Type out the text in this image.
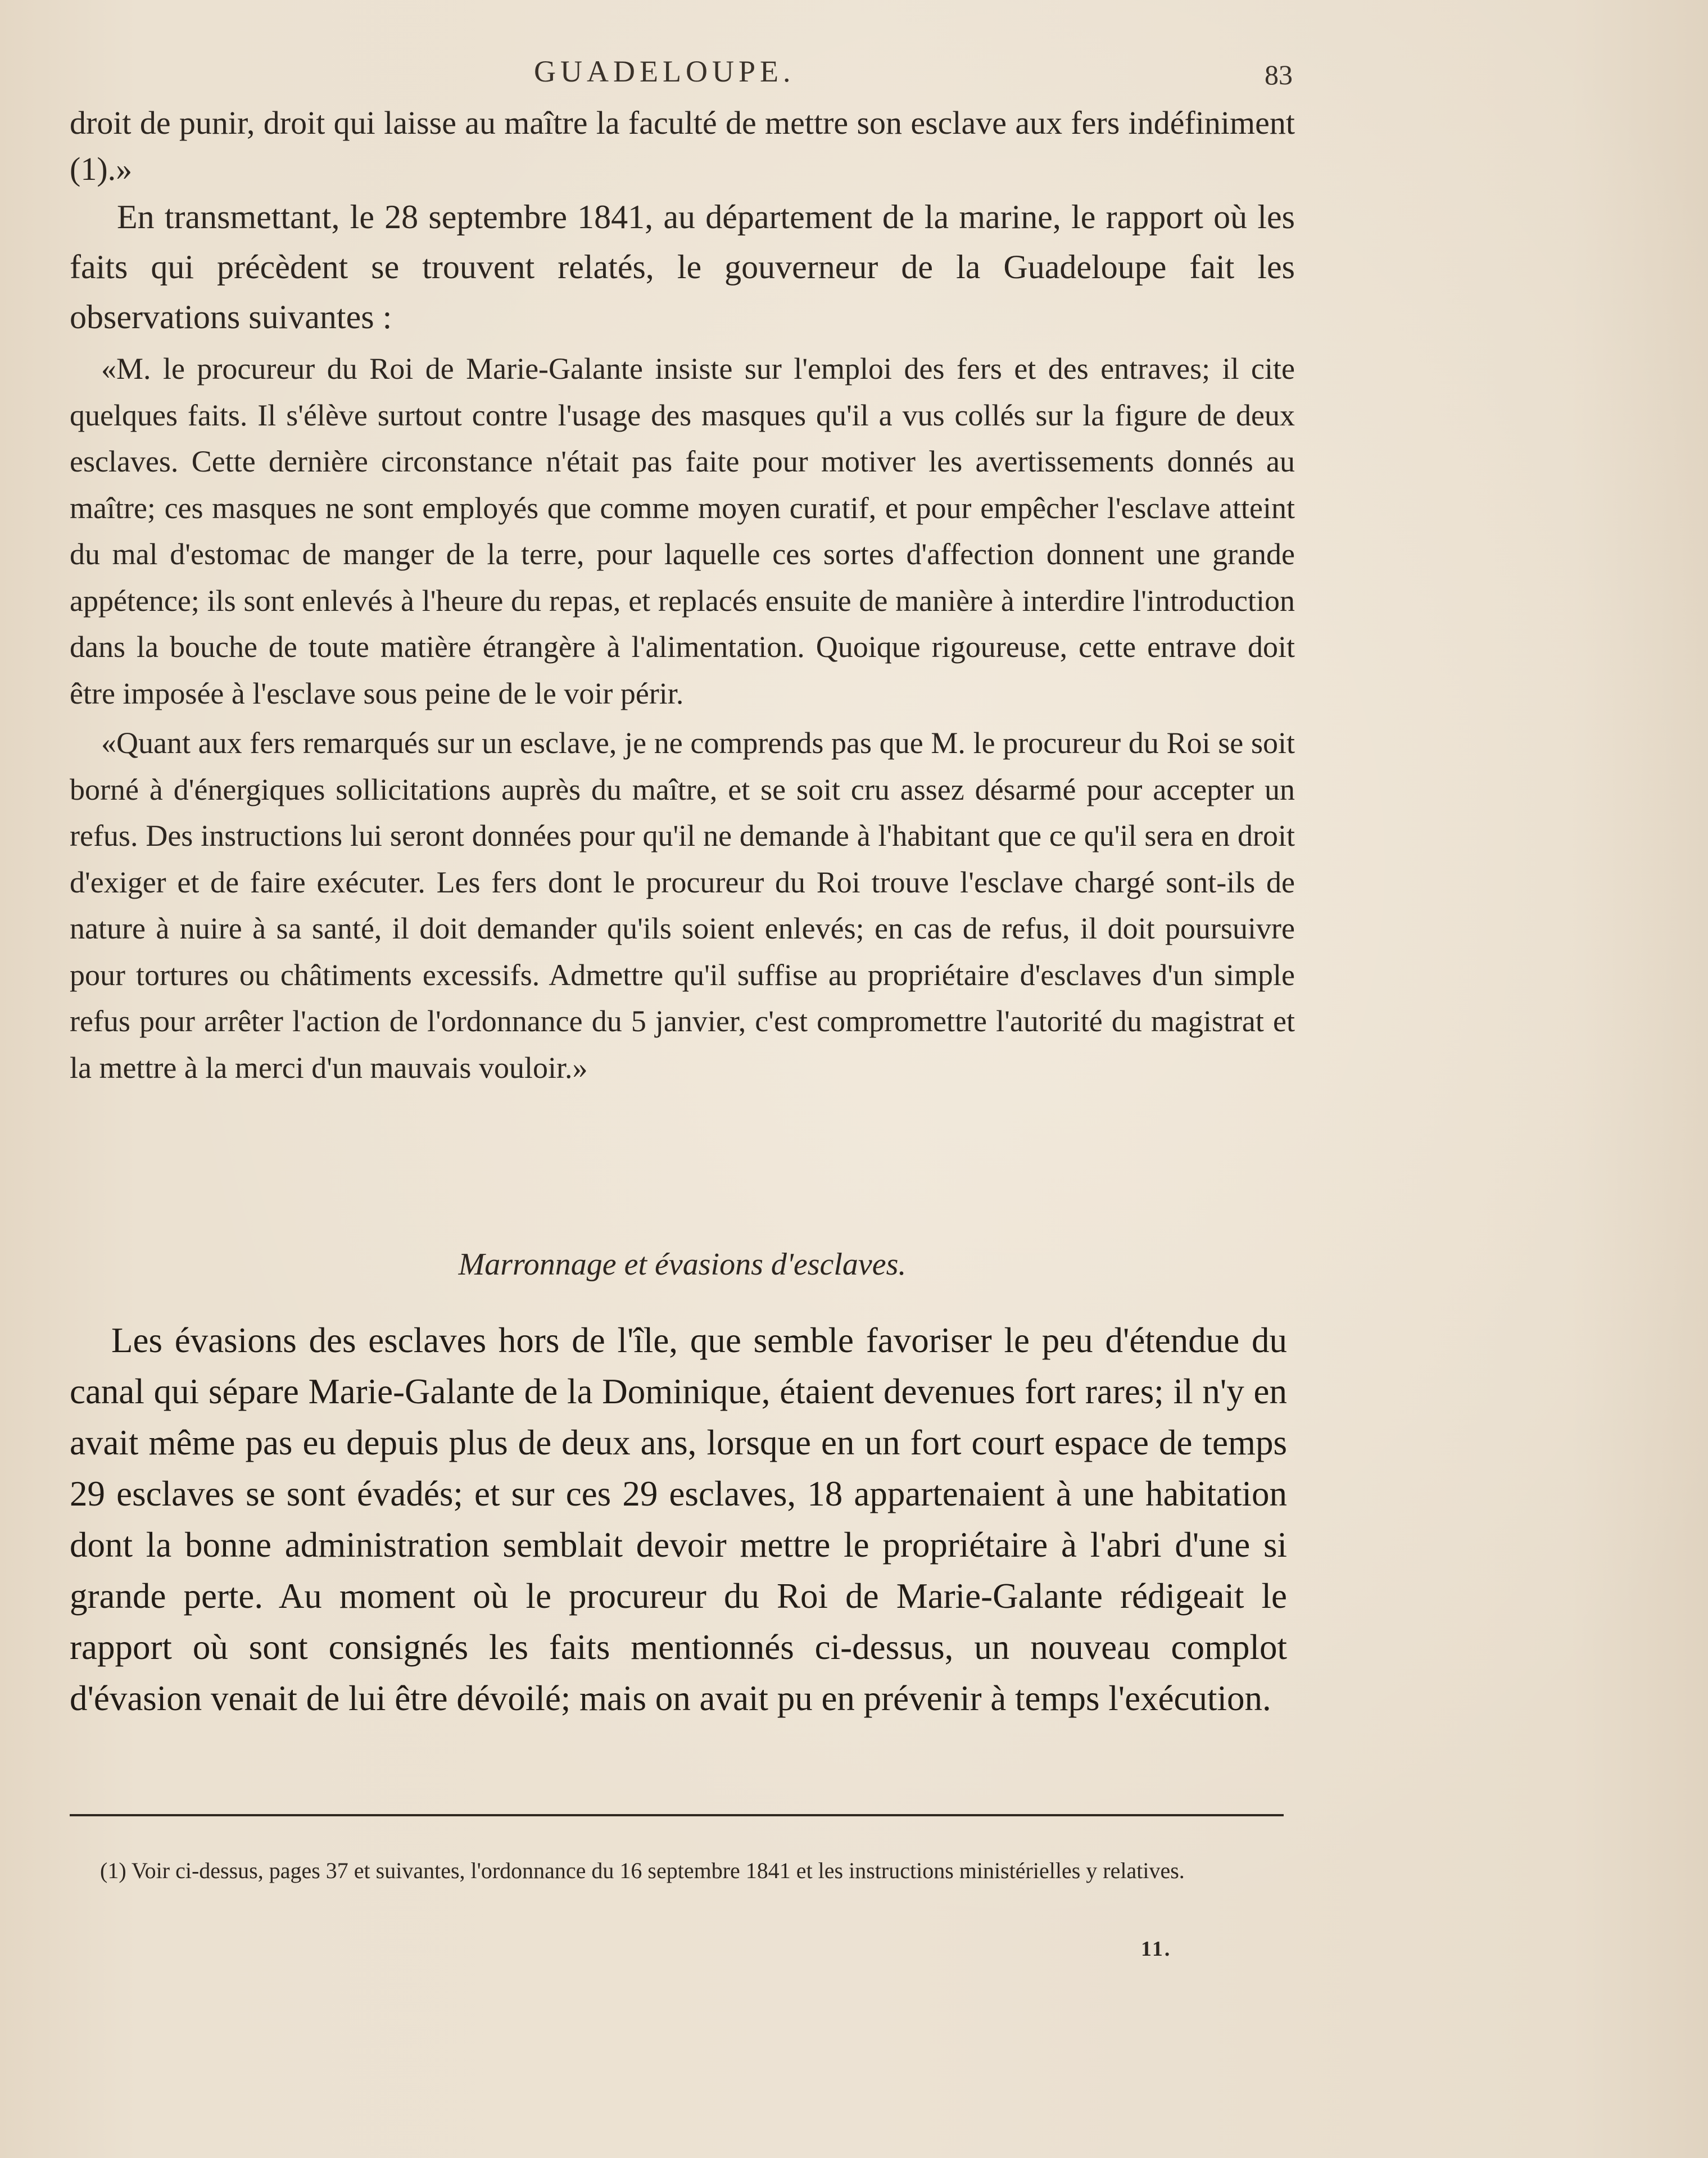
GUADELOUPE.	83

droit de punir, droit qui laisse au maître la faculté de mettre son esclave aux fers indéfiniment (1).»

En transmettant, le 28 septembre 1841, au département de la marine, le rapport où les faits qui précèdent se trouvent relatés, le gouverneur de la Guadeloupe fait les observations suivantes :

«M. le procureur du Roi de Marie-Galante insiste sur l'emploi des fers et des entraves; il cite quelques faits. Il s'élève surtout contre l'usage des masques qu'il a vus collés sur la figure de deux esclaves. Cette dernière circonstance n'était pas faite pour motiver les avertissements donnés au maître; ces masques ne sont employés que comme moyen curatif, et pour empêcher l'esclave atteint du mal d'estomac de manger de la terre, pour laquelle ces sortes d'affection donnent une grande appétence; ils sont enlevés à l'heure du repas, et replacés ensuite de manière à interdire l'introduction dans la bouche de toute matière étrangère à l'alimentation. Quoique rigoureuse, cette entrave doit être imposée à l'esclave sous peine de le voir périr.

«Quant aux fers remarqués sur un esclave, je ne comprends pas que M. le procureur du Roi se soit borné à d'énergiques sollicitations auprès du maître, et se soit cru assez désarmé pour accepter un refus. Des instructions lui seront données pour qu'il ne demande à l'habitant que ce qu'il sera en droit d'exiger et de faire exécuter. Les fers dont le procureur du Roi trouve l'esclave chargé sont-ils de nature à nuire à sa santé, il doit demander qu'ils soient enlevés; en cas de refus, il doit poursuivre pour tortures ou châtiments excessifs. Admettre qu'il suffise au propriétaire d'esclaves d'un simple refus pour arrêter l'action de l'ordonnance du 5 janvier, c'est compromettre l'autorité du magistrat et la mettre à la merci d'un mauvais vouloir.»

Marronnage et évasions d'esclaves.

Les évasions des esclaves hors de l'île, que semble favoriser le peu d'étendue du canal qui sépare Marie-Galante de la Dominique, étaient devenues fort rares; il n'y en avait même pas eu depuis plus de deux ans, lorsque en un fort court espace de temps 29 esclaves se sont évadés; et sur ces 29 esclaves, 18 appartenaient à une habitation dont la bonne administration semblait devoir mettre le propriétaire à l'abri d'une si grande perte. Au moment où le procureur du Roi de Marie-Galante rédigeait le rapport où sont consignés les faits mentionnés ci-dessus, un nouveau complot d'évasion venait de lui être dévoilé; mais on avait pu en prévenir à temps l'exécution.

(1) Voir ci-dessus, pages 37 et suivantes, l'ordonnance du 16 septembre 1841 et les instructions ministérielles y relatives.
11.
